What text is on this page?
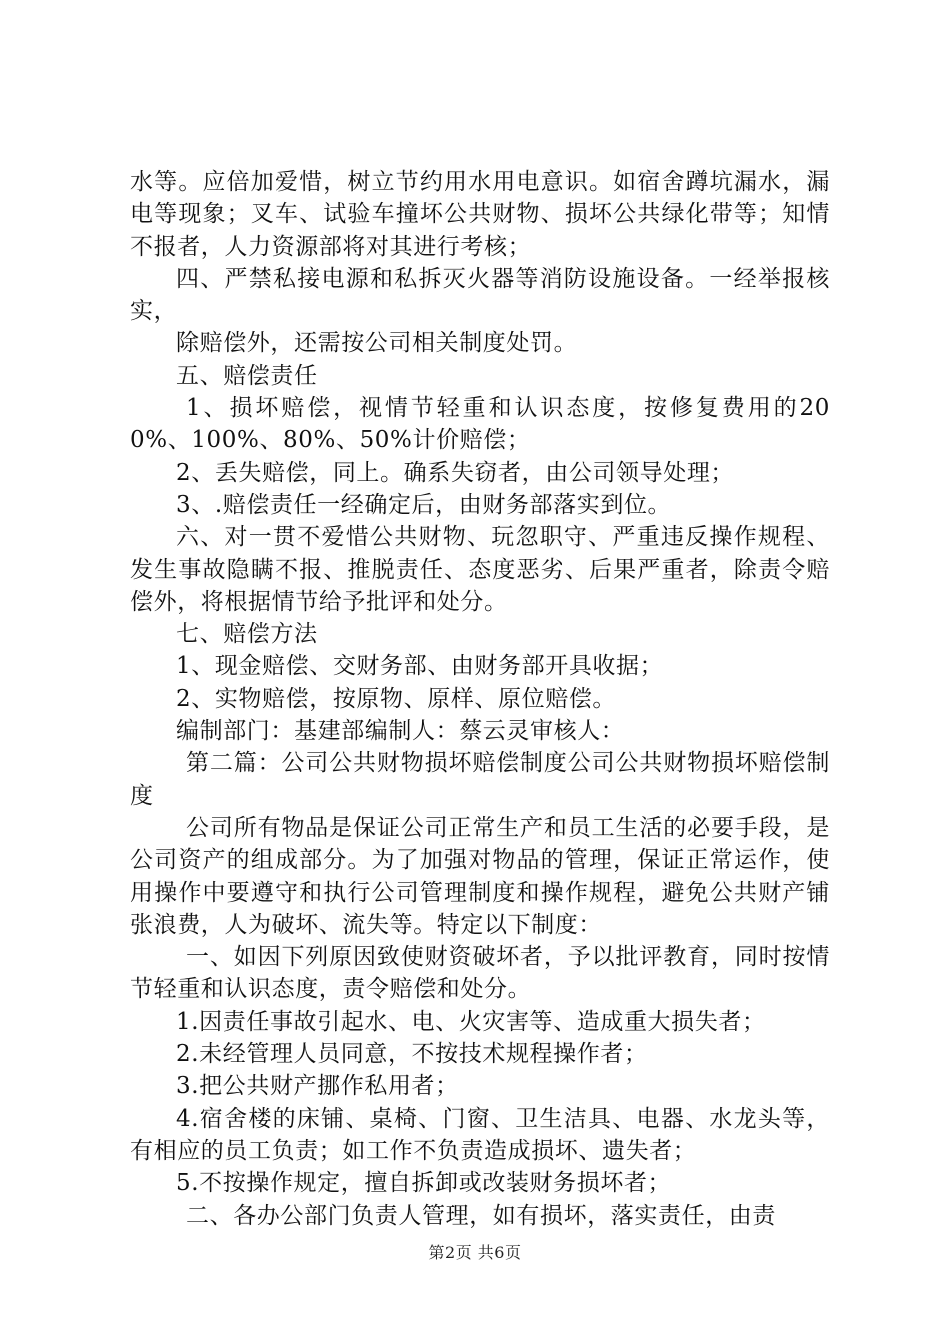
水等。应倍加爱惜，树立节约用水用电意识。如宿舍蹲坑漏水，漏电等现象；叉车、试验车撞坏公共财物、损坏公共绿化带等；知情不报者，人力资源部将对其进行考核；

四、严禁私接电源和私拆灭火器等消防设施设备。一经举报核实，

除赔偿外，还需按公司相关制度处罚。

五、赔偿责任

1、损坏赔偿，视情节轻重和认识态度，按修复费用的200%、100%、80%、50%计价赔偿；

2、丢失赔偿，同上。确系失窃者，由公司领导处理；

3、.赔偿责任一经确定后，由财务部落实到位。

六、对一贯不爱惜公共财物、玩忽职守、严重违反操作规程、发生事故隐瞒不报、推脱责任、态度恶劣、后果严重者，除责令赔偿外，将根据情节给予批评和处分。

七、赔偿方法

1、现金赔偿、交财务部、由财务部开具收据；

2、实物赔偿，按原物、原样、原位赔偿。

编制部门：基建部编制人：蔡云灵审核人：

第二篇：公司公共财物损坏赔偿制度公司公共财物损坏赔偿制度

公司所有物品是保证公司正常生产和员工生活的必要手段，是公司资产的组成部分。为了加强对物品的管理，保证正常运作，使用操作中要遵守和执行公司管理制度和操作规程，避免公共财产铺张浪费，人为破坏、流失等。特定以下制度：

一、如因下列原因致使财资破坏者，予以批评教育，同时按情节轻重和认识态度，责令赔偿和处分。

1.因责任事故引起水、电、火灾害等、造成重大损失者；

2.未经管理人员同意，不按技术规程操作者；

3.把公共财产挪作私用者；

4.宿舍楼的床铺、桌椅、门窗、卫生洁具、电器、水龙头等，有相应的员工负责；如工作不负责造成损坏、遗失者；

5.不按操作规定，擅自拆卸或改装财务损坏者；

二、各办公部门负责人管理，如有损坏，落实责任，由责

第2页 共6页
